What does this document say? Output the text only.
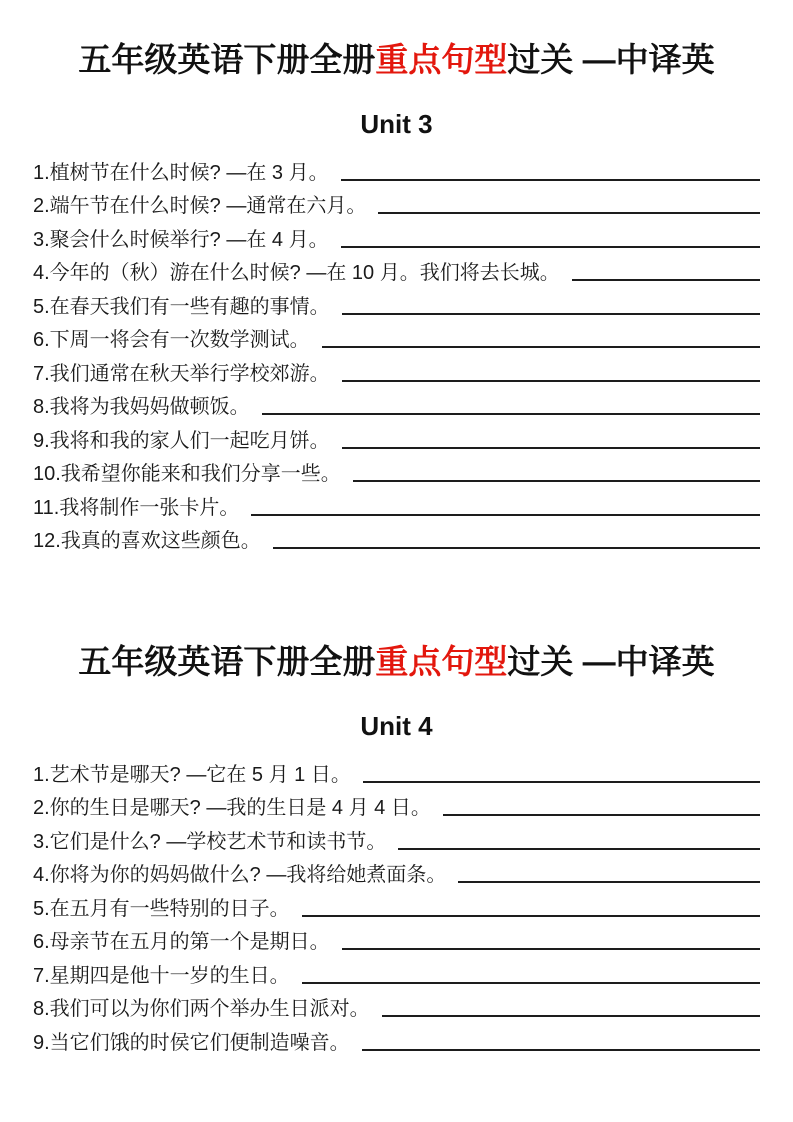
五年级英语下册全册重点句型过关 —中译英
Unit 3
1.植树节在什么时候? —在 3 月。
2.端午节在什么时候? —通常在六月。
3.聚会什么时候举行? —在 4 月。
4.今年的（秋）游在什么时候? —在 10 月。我们将去长城。
5.在春天我们有一些有趣的事情。
6.下周一将会有一次数学测试。
7.我们通常在秋天举行学校郊游。
8.我将为我妈妈做顿饭。
9.我将和我的家人们一起吃月饼。
10.我希望你能来和我们分享一些。
11.我将制作一张卡片。
12.我真的喜欢这些颜色。
五年级英语下册全册重点句型过关 —中译英
Unit 4
1.艺术节是哪天? —它在 5 月 1 日。
2.你的生日是哪天? —我的生日是 4 月 4 日。
3.它们是什么? —学校艺术节和读书节。
4.你将为你的妈妈做什么? —我将给她煮面条。
5.在五月有一些特别的日子。
6.母亲节在五月的第一个是期日。
7.星期四是他十一岁的生日。
8.我们可以为你们两个举办生日派对。
9.当它们饿的时侯它们便制造噪音。
